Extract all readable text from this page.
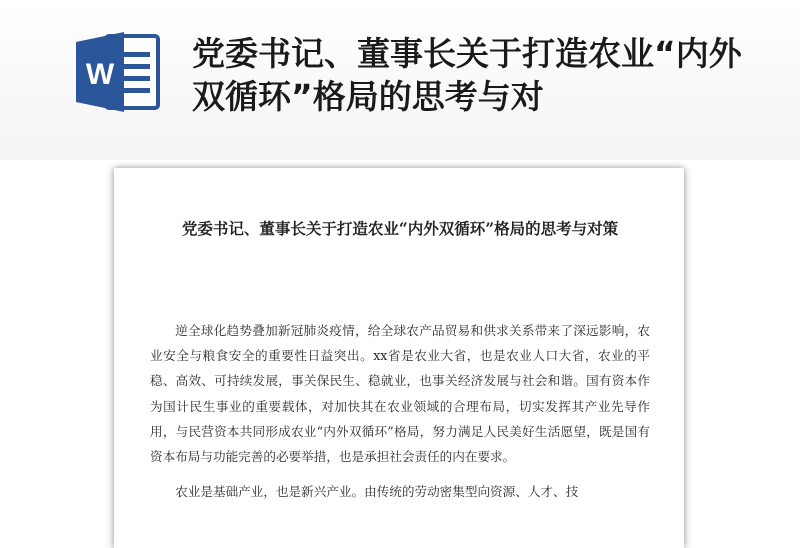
W
党委书记、董事长关于打造农业“内外双循环”格局的思考与对
党委书记、董事长关于打造农业“内外双循环”格局的思考与对策

逆全球化趋势叠加新冠肺炎疫情，给全球农产品贸易和供求关系带来了深远影响，农业安全与粮食安全的重要性日益突出。xx省是农业大省，也是农业人口大省，农业的平稳、高效、可持续发展，事关保民生、稳就业，也事关经济发展与社会和谐。国有资本作为国计民生事业的重要载体，对加快其在农业领域的合理布局，切实发挥其产业先导作用，与民营资本共同形成农业“内外双循环”格局，努力满足人民美好生活愿望，既是国有资本布局与功能完善的必要举措，也是承担社会责任的内在要求。

农业是基础产业，也是新兴产业。由传统的劳动密集型向资源、人才、技
